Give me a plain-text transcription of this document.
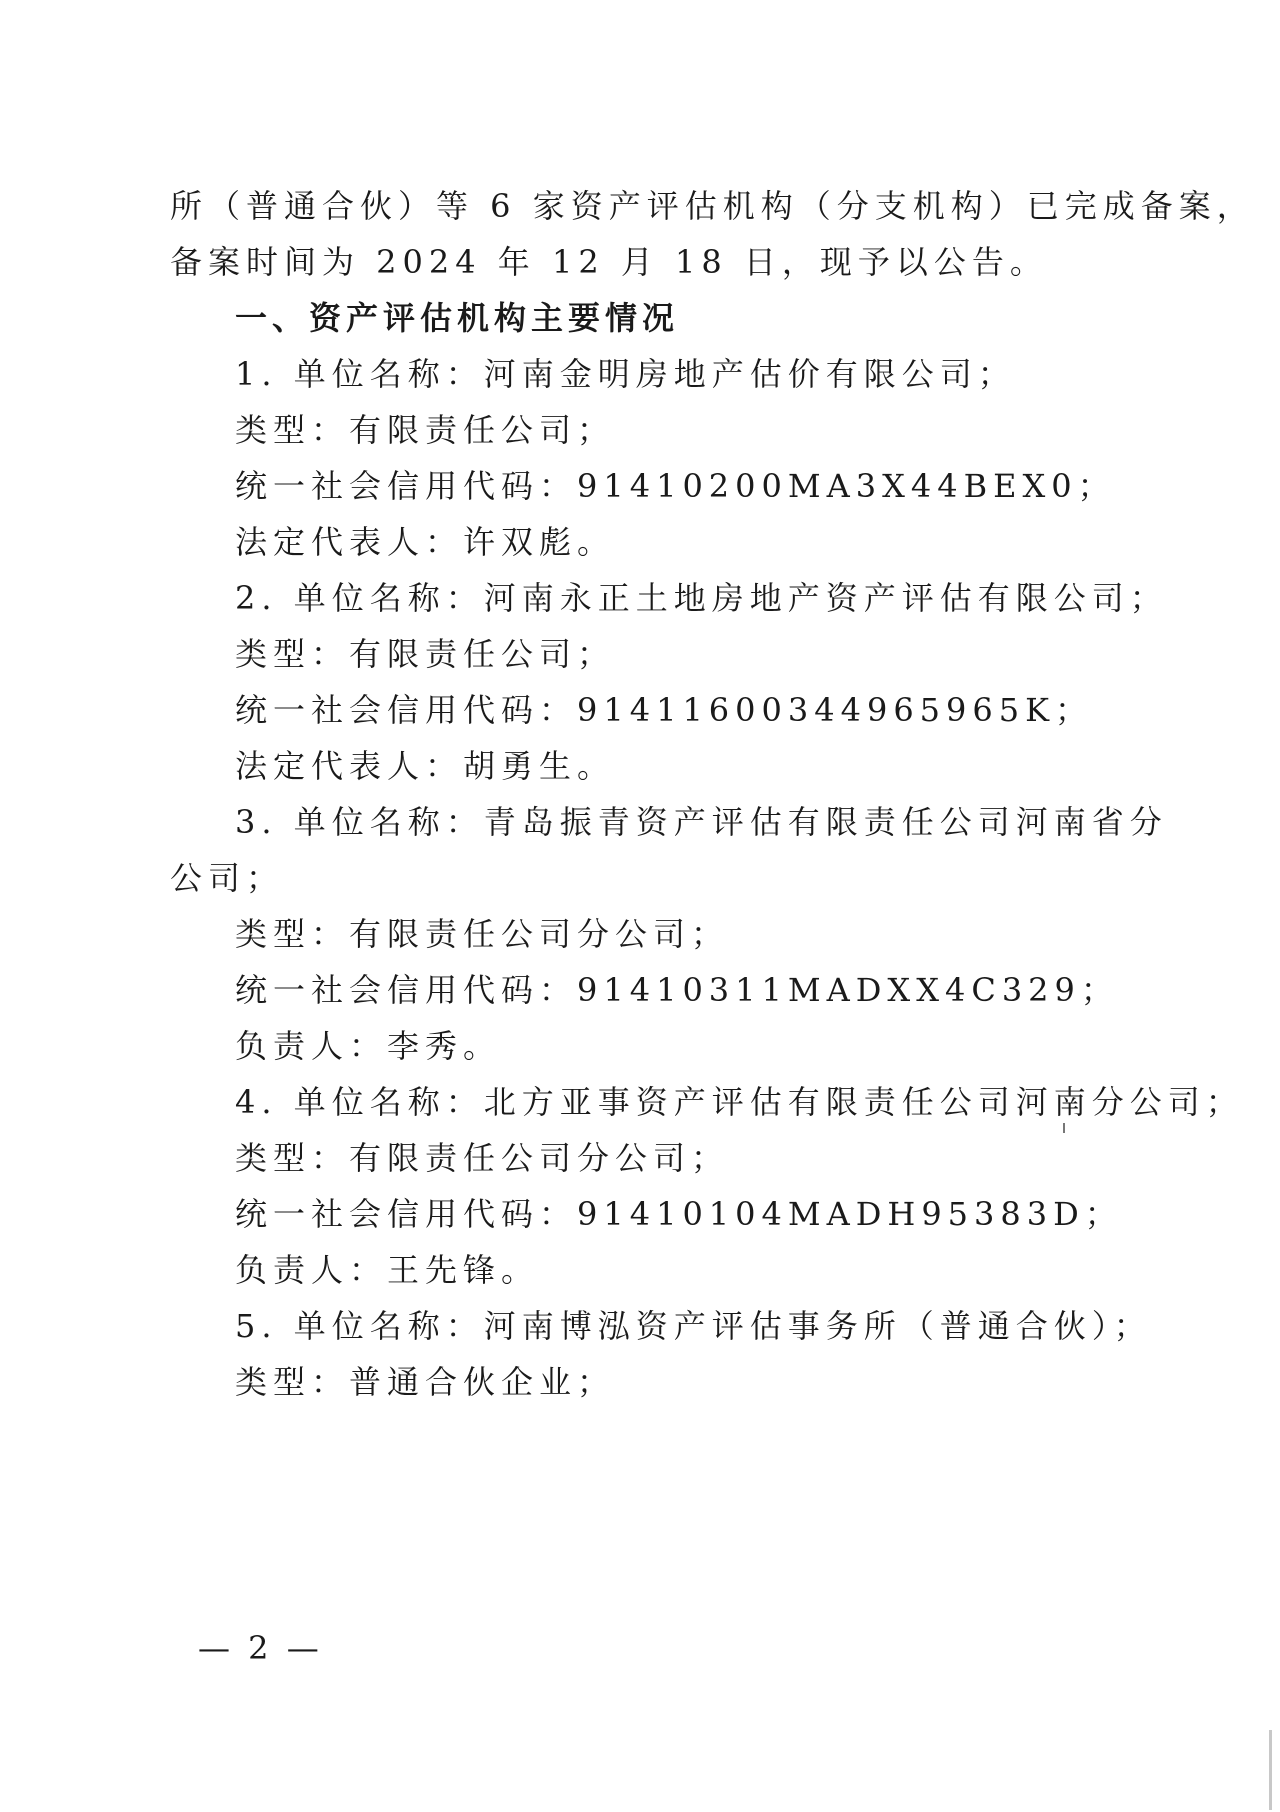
所（普通合伙）等 6 家资产评估机构（分支机构）已完成备案，
备案时间为 2024 年 12 月 18 日，现予以公告。
一、资产评估机构主要情况
1. 单位名称：河南金明房地产估价有限公司；
类型：有限责任公司；
统一社会信用代码：91410200MA3X44BEX0；
法定代表人：许双彪。
2. 单位名称：河南永正土地房地产资产评估有限公司；
类型：有限责任公司；
统一社会信用代码：91411600344965965K；
法定代表人：胡勇生。
3. 单位名称：青岛振青资产评估有限责任公司河南省分
公司；
类型：有限责任公司分公司；
统一社会信用代码：91410311MADXX4C329；
负责人：李秀。
4. 单位名称：北方亚事资产评估有限责任公司河南分公司；
类型：有限责任公司分公司；
统一社会信用代码：91410104MADH95383D；
负责人：王先锋。
5. 单位名称：河南博泓资产评估事务所（普通合伙）；
类型：普通合伙企业；
— 2 —
